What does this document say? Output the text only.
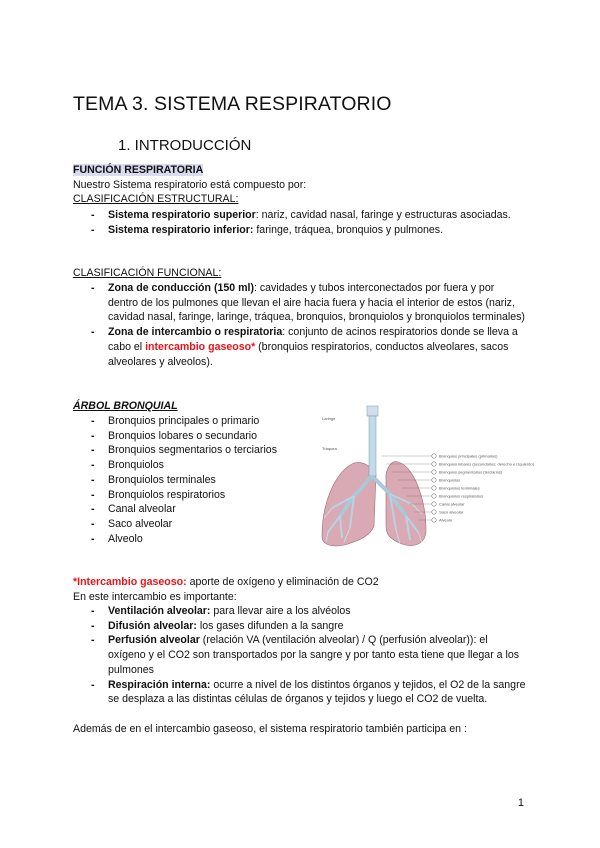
TEMA 3. SISTEMA RESPIRATORIO
1. INTRODUCCIÓN
FUNCIÓN RESPIRATORIA
Nuestro Sistema respiratorio está compuesto por:
CLASIFICACIÓN ESTRUCTURAL:
- Sistema respiratorio superior: nariz, cavidad nasal, faringe y estructuras asociadas.
- Sistema respiratorio inferior: faringe, tráquea, bronquios y pulmones.
CLASIFICACIÓN FUNCIONAL:
- Zona de conducción (150 ml): cavidades y tubos interconectados por fuera y por dentro de los pulmones que llevan el aire hacia fuera y hacia el interior de estos (nariz, cavidad nasal, faringe, laringe, tráquea, bronquios, bronquiolos y bronquiolos terminales)
- Zona de intercambio o respiratoria: conjunto de acinos respiratorios donde se lleva a cabo el intercambio gaseoso* (bronquios respiratorios, conductos alveolares, sacos alveolares y alveolos).
ÁRBOL BRONQUIAL
- Bronquios principales o primario
- Bronquios lobares o secundario
- Bronquios segmentarios o terciarios
- Bronquiolos
- Bronquiolos terminales
- Bronquiolos respiratorios
- Canal alveolar
- Saco alveolar
- Alveolo
Laringe
Tráquea
Bronquios principales (primarios)
Bronquios lobares (secundarios; derecho e izquierdo)
Bronquios segmentarios (terciarios)
Bronquiolos
Bronquiolos terminales
Bronquiolos respiratorios
Canal alveolar
Saco alveolar
Alveolo
*Intercambio gaseoso: aporte de oxígeno y eliminación de CO2
En este intercambio es importante:
- Ventilación alveolar: para llevar aire a los alvéolos
- Difusión alveolar: los gases difunden a la sangre
- Perfusión alveolar (relación VA (ventilación alveolar) / Q (perfusión alveolar)): el oxígeno y el CO2 son transportados por la sangre y por tanto esta tiene que llegar a los pulmones
- Respiración interna: ocurre a nivel de los distintos órganos y tejidos, el O2 de la sangre se desplaza a las distintas células de órganos y tejidos y luego el CO2 de vuelta.
Además de en el intercambio gaseoso, el sistema respiratorio también participa en :
1
